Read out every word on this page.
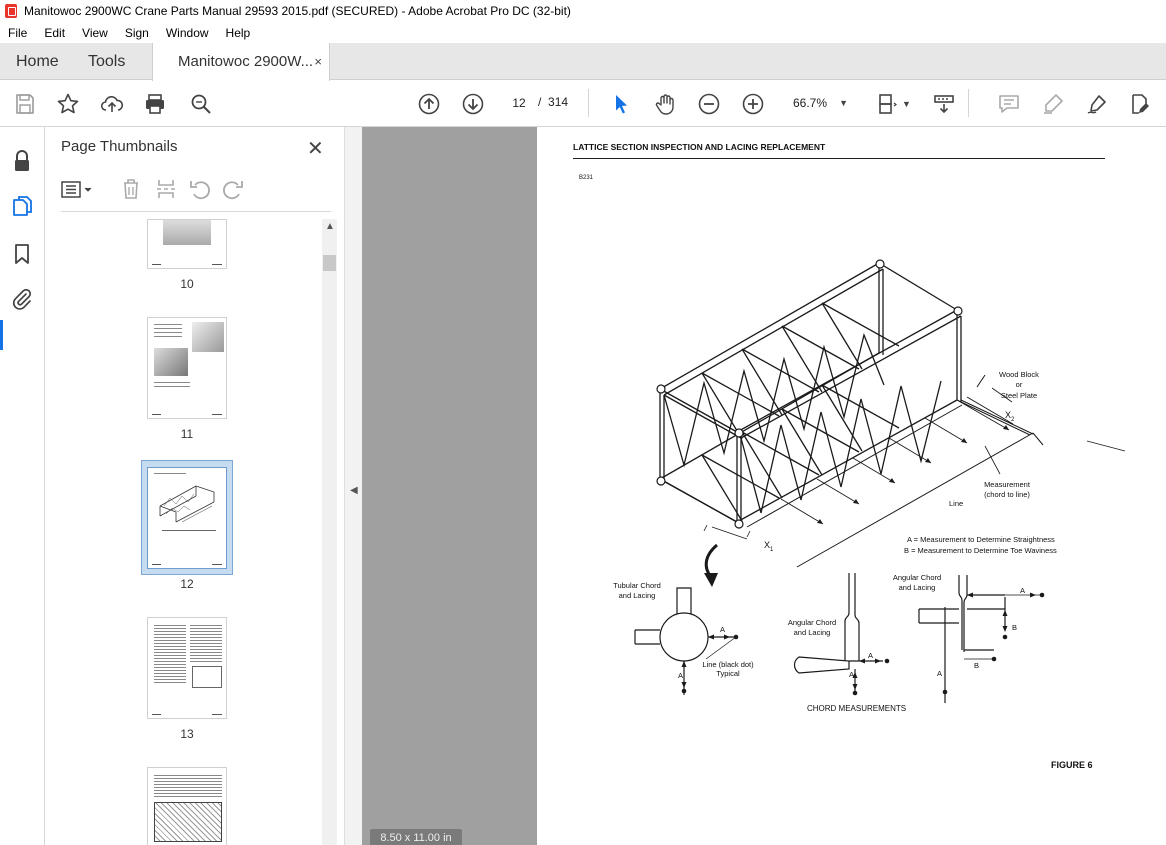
Manitowoc 2900WC Crane Parts Manual 29593 2015.pdf (SECURED) - Adobe Acrobat Pro DC (32-bit)
File	Edit	View	Sign	Window	Help
Home Tools	Manitowoc 2900W... ×
12	/ 314	66.7% ▼	▼
Page Thumbnails	✕
10
11
12
13
▲
◀
LATTICE SECTION INSPECTION AND LACING REPLACEMENT
B231
Wood Block
or
Steel Plate
$X_2$
Measurement
(chord to line)
Line
$X_1$
A = Measurement to Determine Straightness
B = Measurement to Determine Toe Waviness
Tubular Chord
and Lacing
A
A
Line (black dot)
Typical
Angular Chord
and Lacing
A
A
Angular Chord
and Lacing	A
B
B
A
CHORD MEASUREMENTS
FIGURE 6
8.50 x 11.00 in
